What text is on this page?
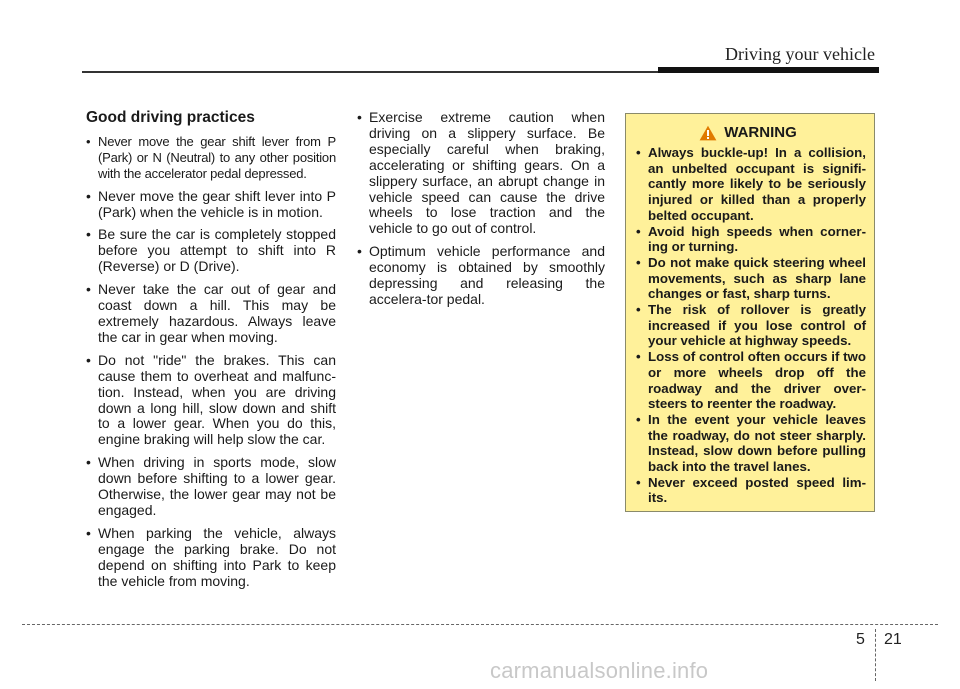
Driving your vehicle
Good driving practices
• Never move the gear shift lever from P (Park) or N (Neutral) to any other position with the accelerator pedal depressed.
• Never move the gear shift lever into P (Park) when the vehicle is in motion.
• Be sure the car is completely stopped before you attempt to shift into R (Reverse) or D (Drive).
• Never take the car out of gear and coast down a hill. This may be extremely hazardous. Always leave the car in gear when moving.
• Do not "ride" the brakes. This can cause them to overheat and malfunc-tion. Instead, when you are driving down a long hill, slow down and shift to a lower gear. When you do this, engine braking will help slow the car.
• When driving in sports mode, slow down before shifting to a lower gear. Otherwise, the lower gear may not be engaged.
• When parking the vehicle, always engage the parking brake. Do not depend on shifting into Park to keep the vehicle from moving.
• Exercise extreme caution when driving on a slippery surface. Be especially careful when braking, accelerating or shifting gears. On a slippery surface, an abrupt change in vehicle speed can cause the drive wheels to lose traction and the vehicle to go out of control.
• Optimum vehicle performance and economy is obtained by smoothly depressing and releasing the accelera-tor pedal.
WARNING
• Always buckle-up! In a collision, an unbelted occupant is signifi-cantly more likely to be seriously injured or killed than a properly belted occupant.
• Avoid high speeds when corner-ing or turning.
• Do not make quick steering wheel movements, such as sharp lane changes or fast, sharp turns.
• The risk of rollover is greatly increased if you lose control of your vehicle at highway speeds.
• Loss of control often occurs if two or more wheels drop off the roadway and the driver over-steers to reenter the roadway.
• In the event your vehicle leaves the roadway, do not steer sharply. Instead, slow down before pulling back into the travel lanes.
• Never exceed posted speed lim-its.
5 21
carmanualsonline.info
